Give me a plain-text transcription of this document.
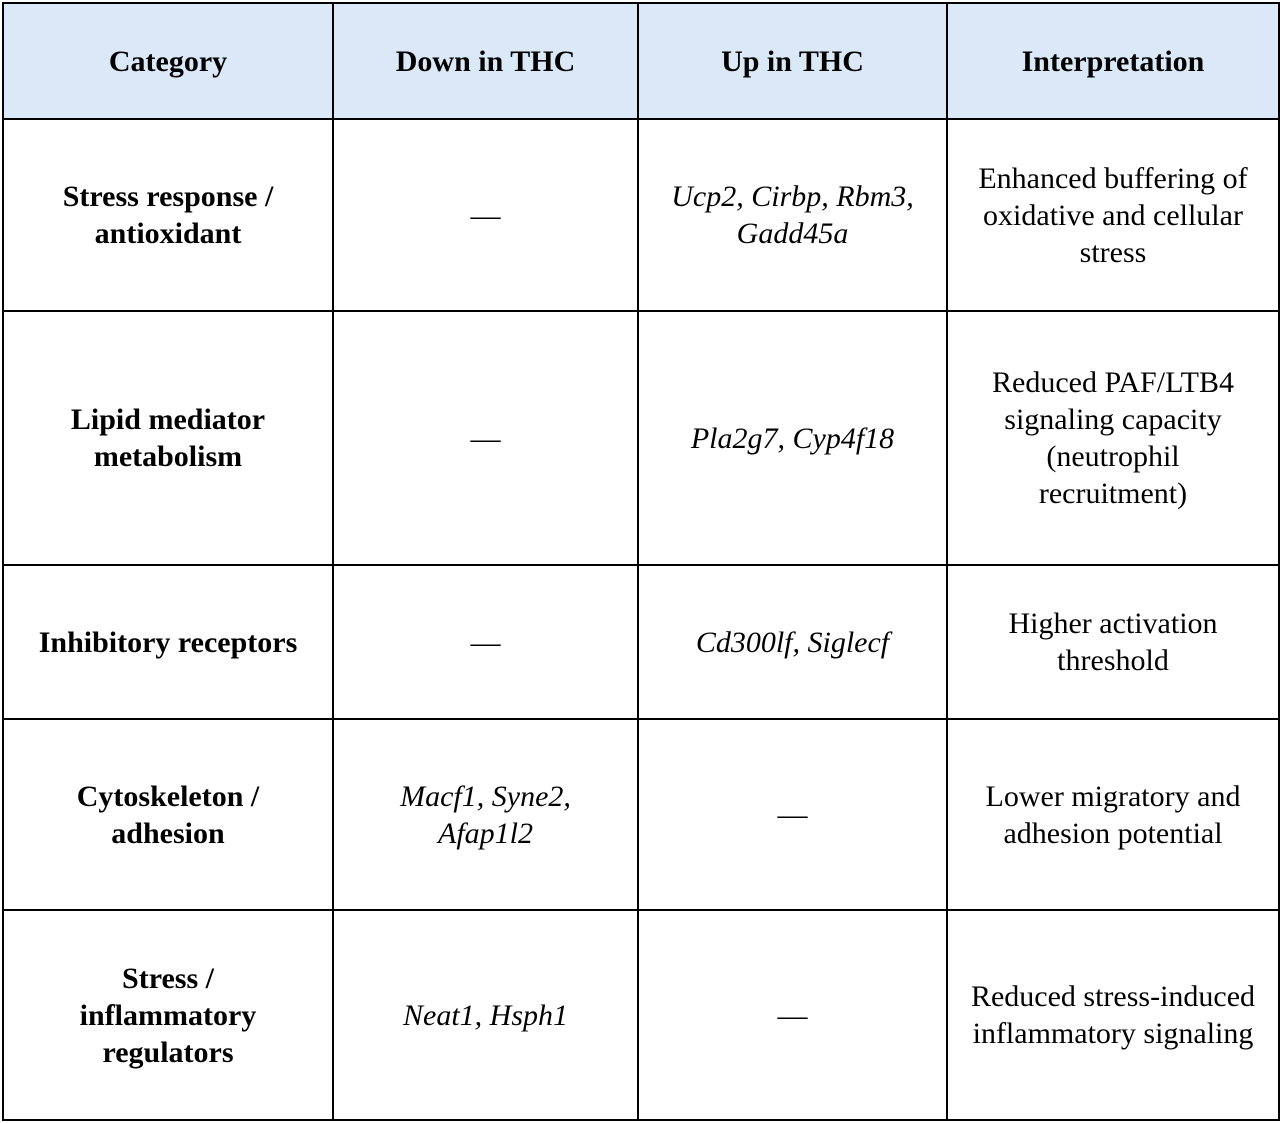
Category	Down in THC	Up in THC	Interpretation

Stress response / antioxidant	—	Ucp2, Cirbp, Rbm3, Gadd45a	Enhanced buffering of oxidative and cellular stress

Lipid mediator metabolism	—	Pla2g7, Cyp4f18	Reduced PAF/LTB4 signaling capacity (neutrophil recruitment)

Inhibitory receptors	—	Cd300lf, Siglecf	Higher activation threshold

Cytoskeleton / adhesion	Macf1, Syne2, Afap1l2	—	Lower migratory and adhesion potential

Stress / inflammatory regulators	Neat1, Hsph1	—	Reduced stress-induced inflammatory signaling
